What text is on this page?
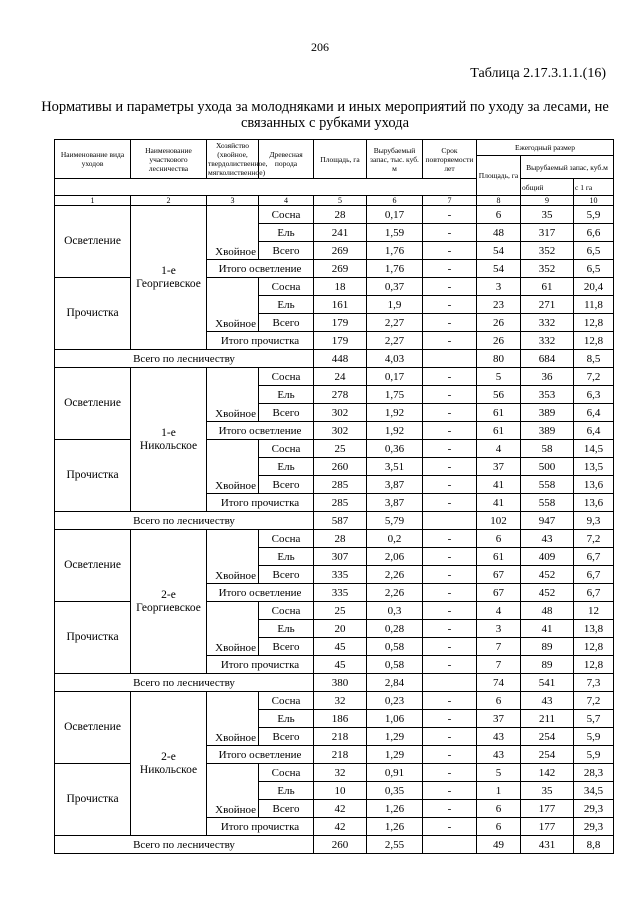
206
Таблица 2.17.3.1.1.(16)
Нормативы и параметры ухода за молодняками и иных мероприятий по уходу за лесами, не связанных с рубками ухода
Наименование вида уходов	Наименование участкового лесничества	Хозяйство (хвойное, твердолиственное, мягколиственное)	Древесная порода	Площадь, га	Вырубаемый запас, тыс. куб. м	Срок повторяемости лет	Ежегодный размер		
							Площадь, га	Вырубаемый запас, куб.м	
								общий	с 1 га
1	2	3	4	5	6	7	8	9	10
Осветление	1-е Георгиевское	Хвойное	Сосна	28	0,17	-	6	35	5,9
			Ель	241	1,59	-	48	317	6,6
			Всего	269	1,76	-	54	352	6,5
		Итого осветление		269	1,76	-	54	352	6,5
Прочистка		Хвойное	Сосна	18	0,37	-	3	61	20,4
			Ель	161	1,9	-	23	271	11,8
			Всего	179	2,27	-	26	332	12,8
		Итого прочистка		179	2,27	-	26	332	12,8
Всего по лесничеству				448	4,03		80	684	8,5
Осветление	1-е Никольское	Хвойное	Сосна	24	0,17	-	5	36	7,2
			Ель	278	1,75	-	56	353	6,3
			Всего	302	1,92	-	61	389	6,4
		Итого осветление		302	1,92	-	61	389	6,4
Прочистка		Хвойное	Сосна	25	0,36	-	4	58	14,5
			Ель	260	3,51	-	37	500	13,5
			Всего	285	3,87	-	41	558	13,6
		Итого прочистка		285	3,87	-	41	558	13,6
Всего по лесничеству				587	5,79		102	947	9,3
Осветление	2-е Георгиевское	Хвойное	Сосна	28	0,2	-	6	43	7,2
			Ель	307	2,06	-	61	409	6,7
			Всего	335	2,26	-	67	452	6,7
		Итого осветление		335	2,26	-	67	452	6,7
Прочистка		Хвойное	Сосна	25	0,3	-	4	48	12
			Ель	20	0,28	-	3	41	13,8
			Всего	45	0,58	-	7	89	12,8
		Итого прочистка		45	0,58	-	7	89	12,8
Всего по лесничеству				380	2,84		74	541	7,3
Осветление	2-е Никольское	Хвойное	Сосна	32	0,23	-	6	43	7,2
			Ель	186	1,06	-	37	211	5,7
			Всего	218	1,29	-	43	254	5,9
		Итого осветление		218	1,29	-	43	254	5,9
Прочистка		Хвойное	Сосна	32	0,91	-	5	142	28,3
			Ель	10	0,35	-	1	35	34,5
			Всего	42	1,26	-	6	177	29,3
		Итого прочистка		42	1,26	-	6	177	29,3
Всего по лесничеству				260	2,55		49	431	8,8
